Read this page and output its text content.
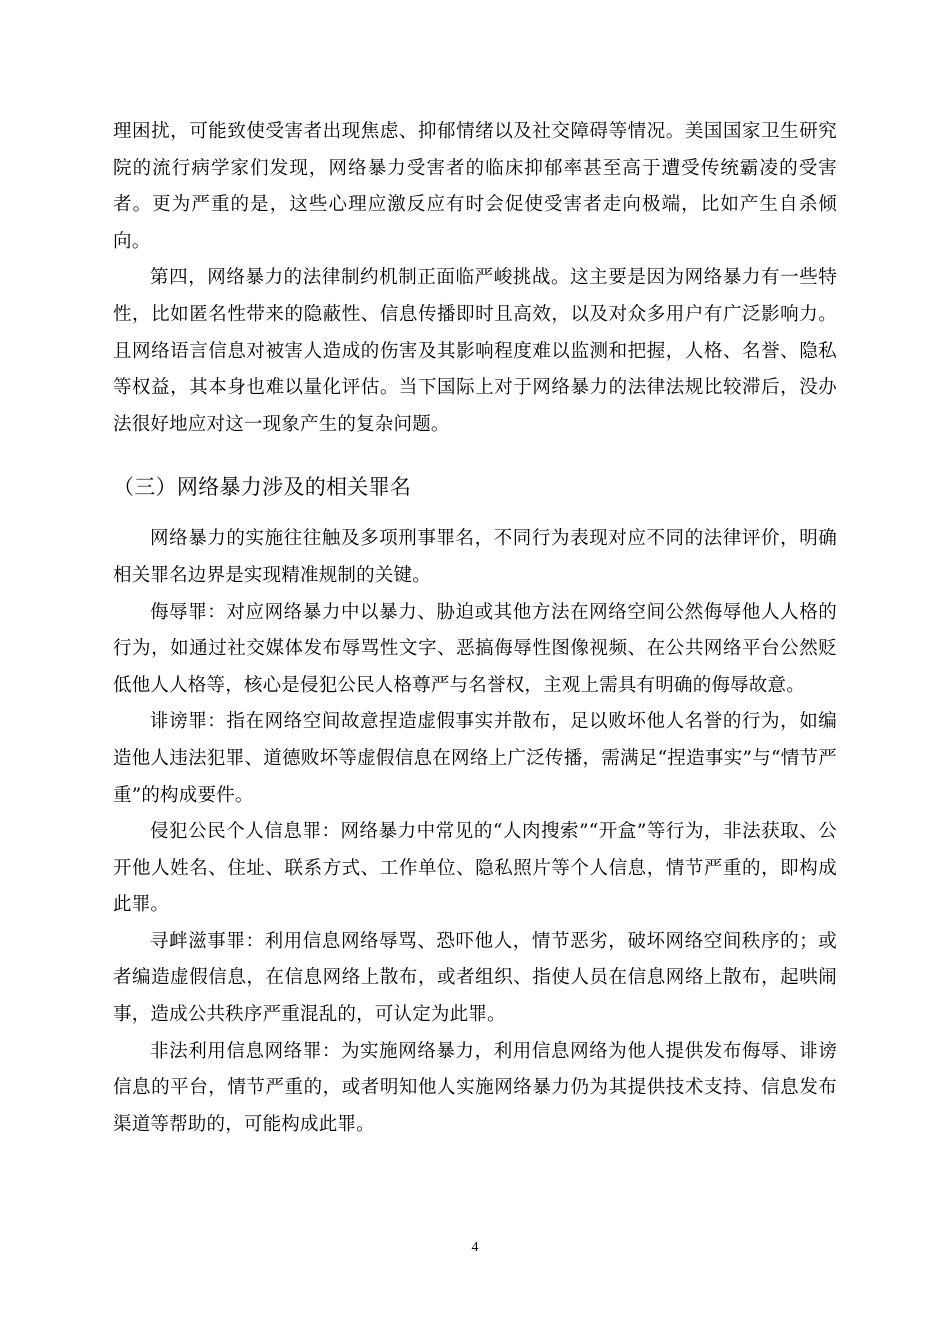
理困扰，可能致使受害者出现焦虑、抑郁情绪以及社交障碍等情况。美国国家卫生研究院的流行病学家们发现，网络暴力受害者的临床抑郁率甚至高于遭受传统霸凌的受害者。更为严重的是，这些心理应激反应有时会促使受害者走向极端，比如产生自杀倾向。

第四，网络暴力的法律制约机制正面临严峻挑战。这主要是因为网络暴力有一些特性，比如匿名性带来的隐蔽性、信息传播即时且高效，以及对众多用户有广泛影响力。且网络语言信息对被害人造成的伤害及其影响程度难以监测和把握，人格、名誉、隐私等权益，其本身也难以量化评估。当下国际上对于网络暴力的法律法规比较滞后，没办法很好地应对这一现象产生的复杂问题。

（三）网络暴力涉及的相关罪名

网络暴力的实施往往触及多项刑事罪名，不同行为表现对应不同的法律评价，明确相关罪名边界是实现精准规制的关键。

侮辱罪：对应网络暴力中以暴力、胁迫或其他方法在网络空间公然侮辱他人人格的行为，如通过社交媒体发布辱骂性文字、恶搞侮辱性图像视频、在公共网络平台公然贬低他人人格等，核心是侵犯公民人格尊严与名誉权，主观上需具有明确的侮辱故意。

诽谤罪：指在网络空间故意捏造虚假事实并散布，足以败坏他人名誉的行为，如编造他人违法犯罪、道德败坏等虚假信息在网络上广泛传播，需满足“捏造事实”与“情节严重”的构成要件。

侵犯公民个人信息罪：网络暴力中常见的“人肉搜索”“开盒”等行为，非法获取、公开他人姓名、住址、联系方式、工作单位、隐私照片等个人信息，情节严重的，即构成此罪。

寻衅滋事罪：利用信息网络辱骂、恐吓他人，情节恶劣，破坏网络空间秩序的；或者编造虚假信息，在信息网络上散布，或者组织、指使人员在信息网络上散布，起哄闹事，造成公共秩序严重混乱的，可认定为此罪。

非法利用信息网络罪：为实施网络暴力，利用信息网络为他人提供发布侮辱、诽谤信息的平台，情节严重的，或者明知他人实施网络暴力仍为其提供技术支持、信息发布渠道等帮助的，可能构成此罪。

4
